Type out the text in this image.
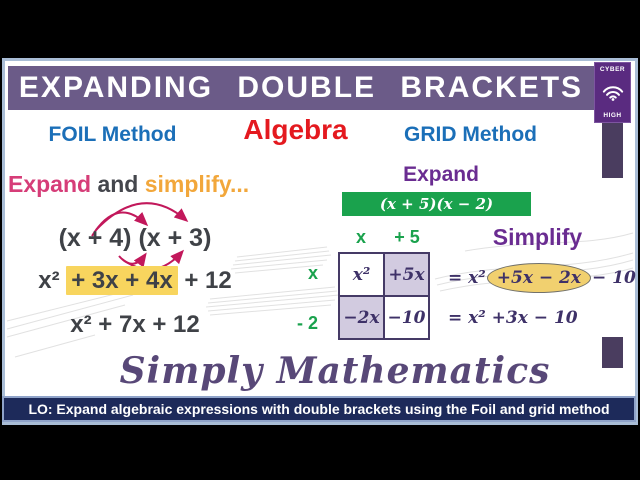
EXPANDING DOUBLE BRACKETS
CYBER
HIGH
FOIL Method	Algebra	GRID Method
Expand and simplify...
(x + 4) (x + 3)
x² + 3x + 4x + 12
x² + 7x + 12
Expand
(x + 5)(x − 2)
x	+ 5
x
- 2
x²	+5x
−2x −10
Simplify
= x² +5x − 2x − 10
= x² +3x − 10
Simply Mathematics
LO: Expand algebraic expressions with double brackets using the Foil and grid method
